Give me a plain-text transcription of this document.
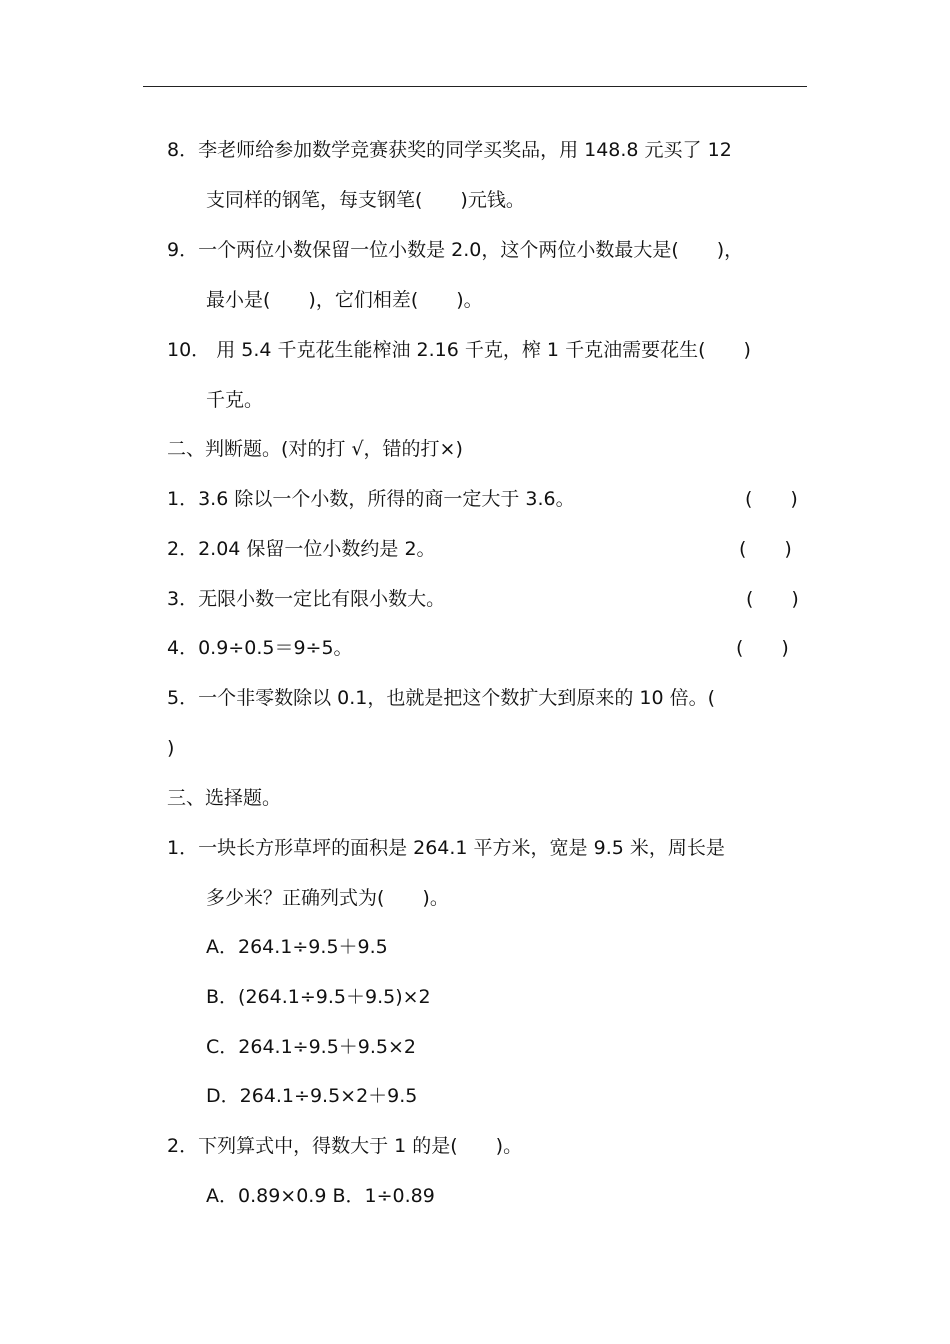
8．李老师给参加数学竞赛获奖的同学买奖品，用 148.8 元买了 12
支同样的钢笔，每支钢笔(　　)元钱。
9．一个两位小数保留一位小数是 2.0，这个两位小数最大是(　　)，
最小是(　　)，它们相差(　　)。
10． 用 5.4 千克花生能榨油 2.16 千克，榨 1 千克油需要花生(　　)
千克。
二、判断题。(对的打 √，错的打×)
1．3.6 除以一个小数，所得的商一定大于 3.6。	(　　)
2．2.04 保留一位小数约是 2。	(　　)
3．无限小数一定比有限小数大。	(　　)
4．0.9÷0.5＝9÷5。	(　　)
5．一个非零数除以 0.1，也就是把这个数扩大到原来的 10 倍。(
)
三、选择题。
1．一块长方形草坪的面积是 264.1 平方米，宽是 9.5 米，周长是
多少米？正确列式为(　　)。
A．264.1÷9.5＋9.5
B．(264.1÷9.5＋9.5)×2
C．264.1÷9.5＋9.5×2
D．264.1÷9.5×2＋9.5
2．下列算式中，得数大于 1 的是(　　)。
A．0.89×0.9 B．1÷0.89
